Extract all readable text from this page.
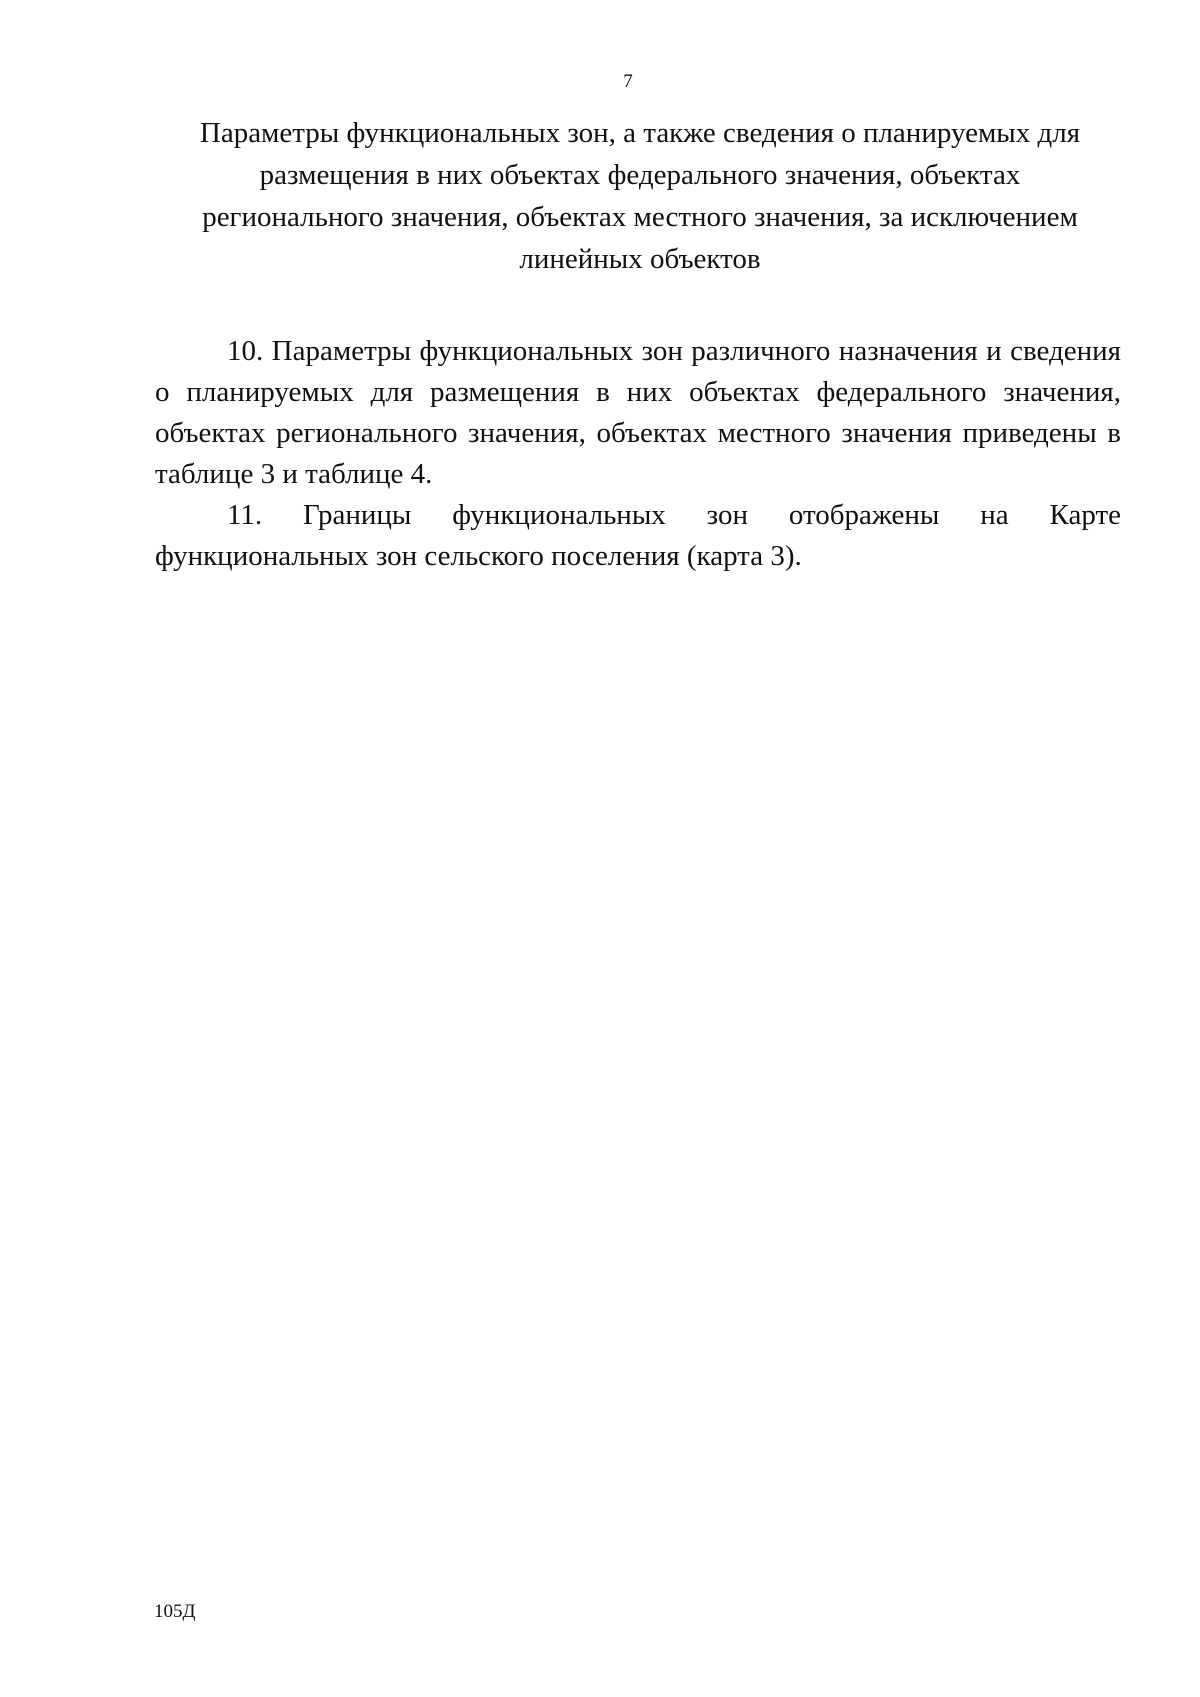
7
Параметры функциональных зон, а также сведения о планируемых для
размещения в них объектах федерального значения, объектах
регионального значения, объектах местного значения, за исключением
линейных объектов

10. Параметры функциональных зон различного назначения и сведения о планируемых для размещения в них объектах федерального значения, объектах регионального значения, объектах местного значения приведены в таблице 3 и таблице 4.

11. Границы функциональных зон отображены на Карте функциональных зон сельского поселения (карта 3).

105Д
